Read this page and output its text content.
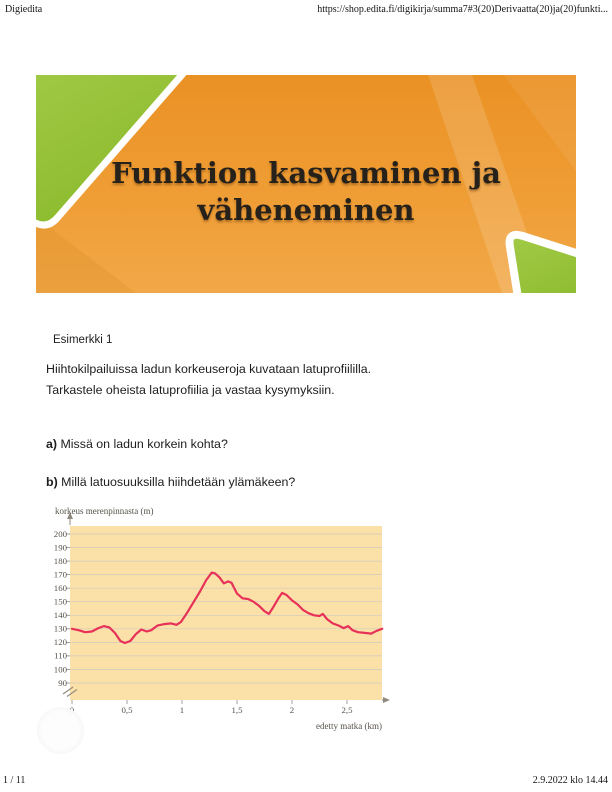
Digiedita	https://shop.edita.fi/digikirja/summa7#3(20)Derivaatta(20)ja(20)funkti...
Funktion kasvaminen ja
väheneminen
Esimerkki 1

Hiihtokilpailuissa ladun korkeuseroja kuvataan latuprofiililla. Tarkastele oheista latuprofiilia ja vastaa kysymyksiin.

a) Missä on ladun korkein kohta?

b) Millä latuosuuksilla hiihdetään ylämäkeen?

90
100
110
120
130
140
150
160
170
180
190
200
0,5	1	1,5	2	2,5
korkeus merenpinnasta (m)
edetty matka (km)
1 / 11	2.9.2022 klo 14.44
